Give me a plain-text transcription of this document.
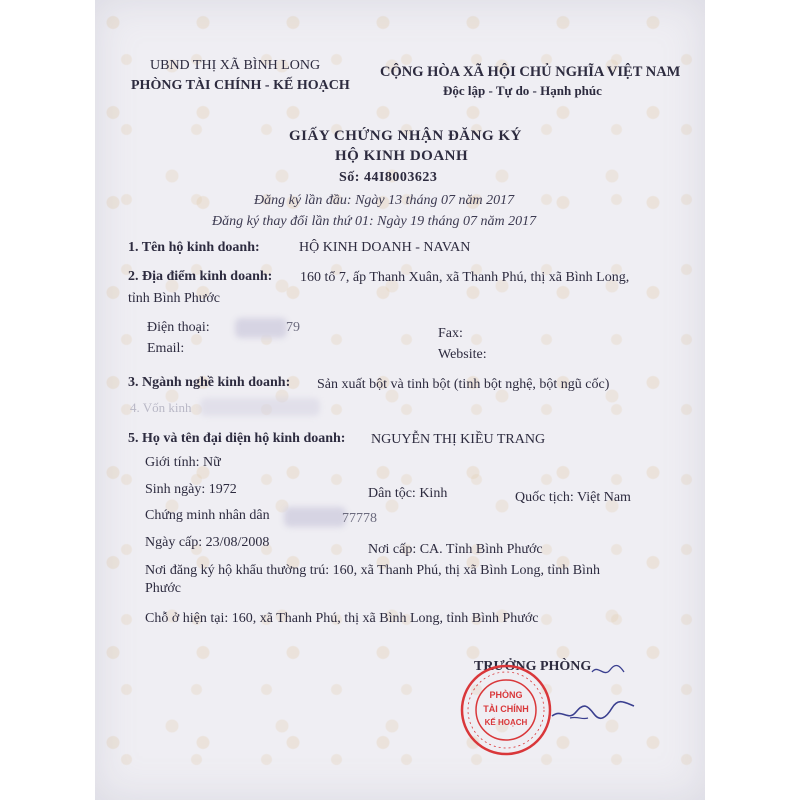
UBND THỊ XÃ BÌNH LONG
PHÒNG TÀI CHÍNH - KẾ HOẠCH
CỘNG HÒA XÃ HỘI CHỦ NGHĨA VIỆT NAM
Độc lập - Tự do - Hạnh phúc
GIẤY CHỨNG NHẬN ĐĂNG KÝ
HỘ KINH DOANH
Số: 44I8003623
Đăng ký lần đầu: Ngày 13 tháng 07 năm 2017
Đăng ký thay đổi lần thứ 01: Ngày 19 tháng 07 năm 2017
1. Tên hộ kinh doanh:	HỘ KINH DOANH - NAVAN
2. Địa điểm kinh doanh: 160 tổ 7, ấp Thanh Xuân, xã Thanh Phú, thị xã Bình Long,
tỉnh Bình Phước
Điện thoại:	79	Fax:
Email:	Website:
3. Ngành nghề kinh doanh: Sản xuất bột và tinh bột (tinh bột nghệ, bột ngũ cốc)
4. Vốn kinh
5. Họ và tên đại diện hộ kinh doanh: NGUYỄN THỊ KIỀU TRANG
Giới tính: Nữ
Sinh ngày: 1972	Dân tộc: Kinh	Quốc tịch: Việt Nam
Chứng minh nhân dân	77778
Ngày cấp: 23/08/2008	Nơi cấp: CA. Tỉnh Bình Phước
Nơi đăng ký hộ khẩu thường trú: 160, xã Thanh Phú, thị xã Bình Long, tỉnh Bình
Phước
Chỗ ở hiện tại: 160, xã Thanh Phú, thị xã Bình Long, tỉnh Bình Phước
TRƯỞNG PHÒNG
PHÒNG
TÀI CHÍNH
KẾ HOẠCH
